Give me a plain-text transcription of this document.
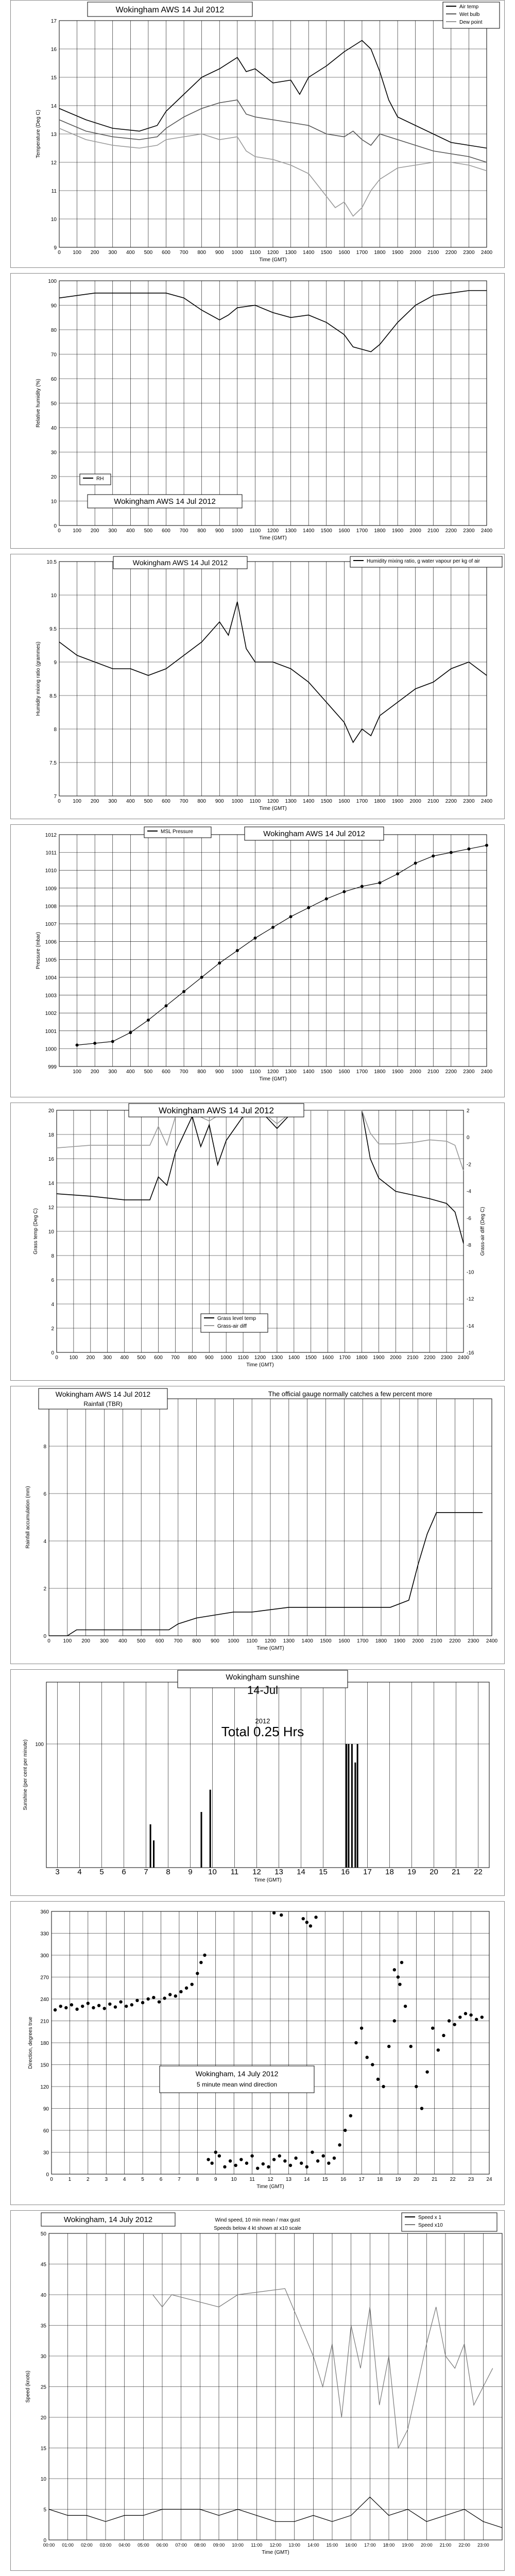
0 100 200 300 400 500 600 700 800 900 1000 1100 1200 1300 1400 1500 1600 1700 1800 1900 2000 2100 2200 2300 2400
9
10
11
12
13
14
15
16
17
Time (GMT)
Temperature (Deg C)
Wokingham AWS 14 Jul 2012	Air temp
Wet bulb
Dew point
0 100 200 300 400 500 600 700 800 900 1000 1100 1200 1300 1400 1500 1600 1700 1800 1900 2000 2100 2200 2300 2400
0
10
20
30
40
50
60
70
80
90
100
Time (GMT)
Relative humidity (%)
Wokingham AWS 14 Jul 2012
RH
0 100 200 300 400 500 600 700 800 900 1000 1100 1200 1300 1400 1500 1600 1700 1800 1900 2000 2100 2200 2300 2400
7
7.5
8
8.5
9
9.5
10
10.5
Time (GMT)
Humidity mixing ratio (grammes)
Wokingham AWS 14 Jul 2012	Humidity mixing ratio, g water vapour per kg of air
100 200 300 400 500 600 700 800 900 1000 1100 1200 1300 1400 1500 1600 1700 1800 1900 2000 2100 2200 2300 2400
999
1000
1001
1002
1003
1004
1005
1006
1007
1008
1009
1010
1011
1012
Time (GMT)
Pressure (mbar)
Wokingham AWS 14 Jul 2012
MSL Pressure
0 100 200 300 400 500 600 700 800 900 1000 1100 1200 1300 1400 1500 1600 1700 1800 1900 2000 2100 2200 2300 2400
0
2
4
6
8
10
12
14
16
18
20
-16
-14
-12
-10
-8
-6
-4
-2
0
2
Grass-air diff (Deg C)
Time (GMT)
Grass temp (Deg C)
Wokingham AWS 14 Jul 2012
Grass level temp
Grass-air diff
0 100 200 300 400 500 600 700 800 900 1000 1100 1200 1300 1400 1500 1600 1700 1800 1900 2000 2100 2200 2300 2400
0
2
4
6
8
Time (GMT)
Rainfall accumulation (mm)
Wokingham AWS 14 Jul 2012
Rainfall (TBR)
The official gauge normally catches a few percent more
3 4 5 6 7 8 9 10 11 12 13 14 15 16 17 18 19 20 21 22
100
Time (GMT)
Sunshine (per cent per minute)
Wokingham sunshine
14-Jul
2012
Total 0.25 Hrs
0	1	2	3	4	5	6	7	8	9	10 11 12 13 14 15 16 17 18 19 20 21 22 23 24
0
30
60
90
120
150
180
210
240
270
300
330
360
Time (GMT)
Direction, degrees true
Wokingham, 14 July 2012
5 minute mean wind direction
00:00 01:00 02:00 03:00 04:00 05:00 06:00 07:00 08:00 09:00 10:00 11:00 12:00 13:00 14:00 15:00 16:00 17:00 18:00 19:00 20:00 21:00 22:00 23:00
0
5
10
15
20
25
30
35
40
45
50
Time (GMT)
Speed (knots)
Wokingham, 14 July 2012
Speeds below 4 kt shown at x10 scale
Speed x 1
Speed x10
Wind speed, 10 min mean / max gust
